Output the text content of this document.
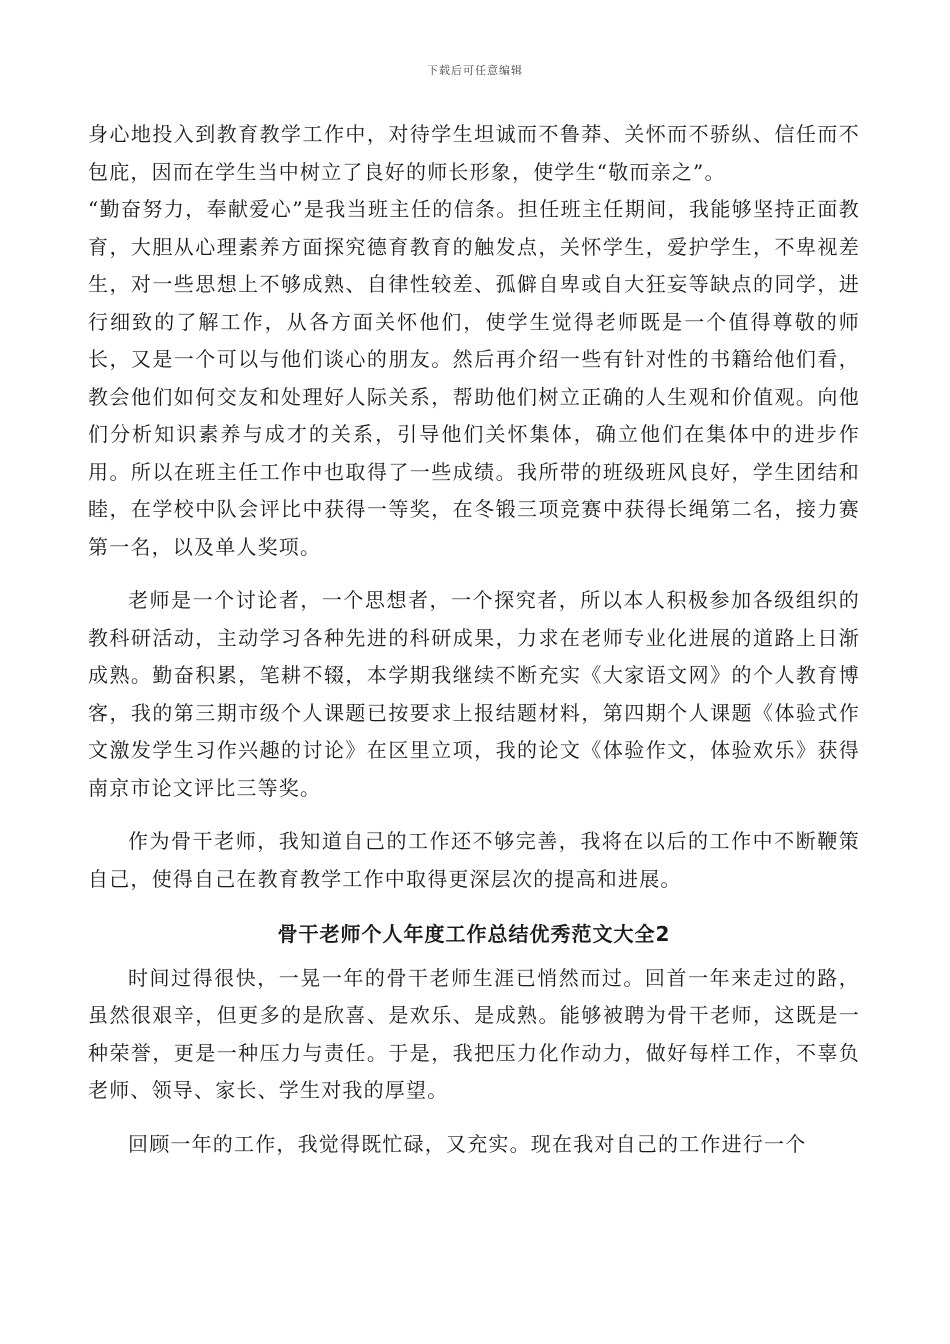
下载后可任意编辑

身心地投入到教育教学工作中，对待学生坦诚而不鲁莽、关怀而不骄纵、信任而不包庇，因而在学生当中树立了良好的师长形象，使学生“敬而亲之”。

“勤奋努力，奉献爱心”是我当班主任的信条。担任班主任期间，我能够坚持正面教育，大胆从心理素养方面探究德育教育的触发点，关怀学生，爱护学生，不卑视差生，对一些思想上不够成熟、自律性较差、孤僻自卑或自大狂妄等缺点的同学，进行细致的了解工作，从各方面关怀他们，使学生觉得老师既是一个值得尊敬的师长，又是一个可以与他们谈心的朋友。然后再介绍一些有针对性的书籍给他们看，教会他们如何交友和处理好人际关系，帮助他们树立正确的人生观和价值观。向他们分析知识素养与成才的关系，引导他们关怀集体，确立他们在集体中的进步作用。所以在班主任工作中也取得了一些成绩。我所带的班级班风良好，学生团结和睦，在学校中队会评比中获得一等奖，在冬锻三项竞赛中获得长绳第二名，接力赛第一名，以及单人奖项。

老师是一个讨论者，一个思想者，一个探究者，所以本人积极参加各级组织的教科研活动，主动学习各种先进的科研成果，力求在老师专业化进展的道路上日渐成熟。勤奋积累，笔耕不辍，本学期我继续不断充实《大家语文网》的个人教育博客，我的第三期市级个人课题已按要求上报结题材料，第四期个人课题《体验式作文激发学生习作兴趣的讨论》在区里立项，我的论文《体验作文，体验欢乐》获得南京市论文评比三等奖。

作为骨干老师，我知道自己的工作还不够完善，我将在以后的工作中不断鞭策自己，使得自己在教育教学工作中取得更深层次的提高和进展。

骨干老师个人年度工作总结优秀范文大全2

时间过得很快，一晃一年的骨干老师生涯已悄然而过。回首一年来走过的路，虽然很艰辛，但更多的是欣喜、是欢乐、是成熟。能够被聘为骨干老师，这既是一种荣誉，更是一种压力与责任。于是，我把压力化作动力，做好每样工作，不辜负老师、领导、家长、学生对我的厚望。

回顾一年的工作，我觉得既忙碌，又充实。现在我对自己的工作进行一个
